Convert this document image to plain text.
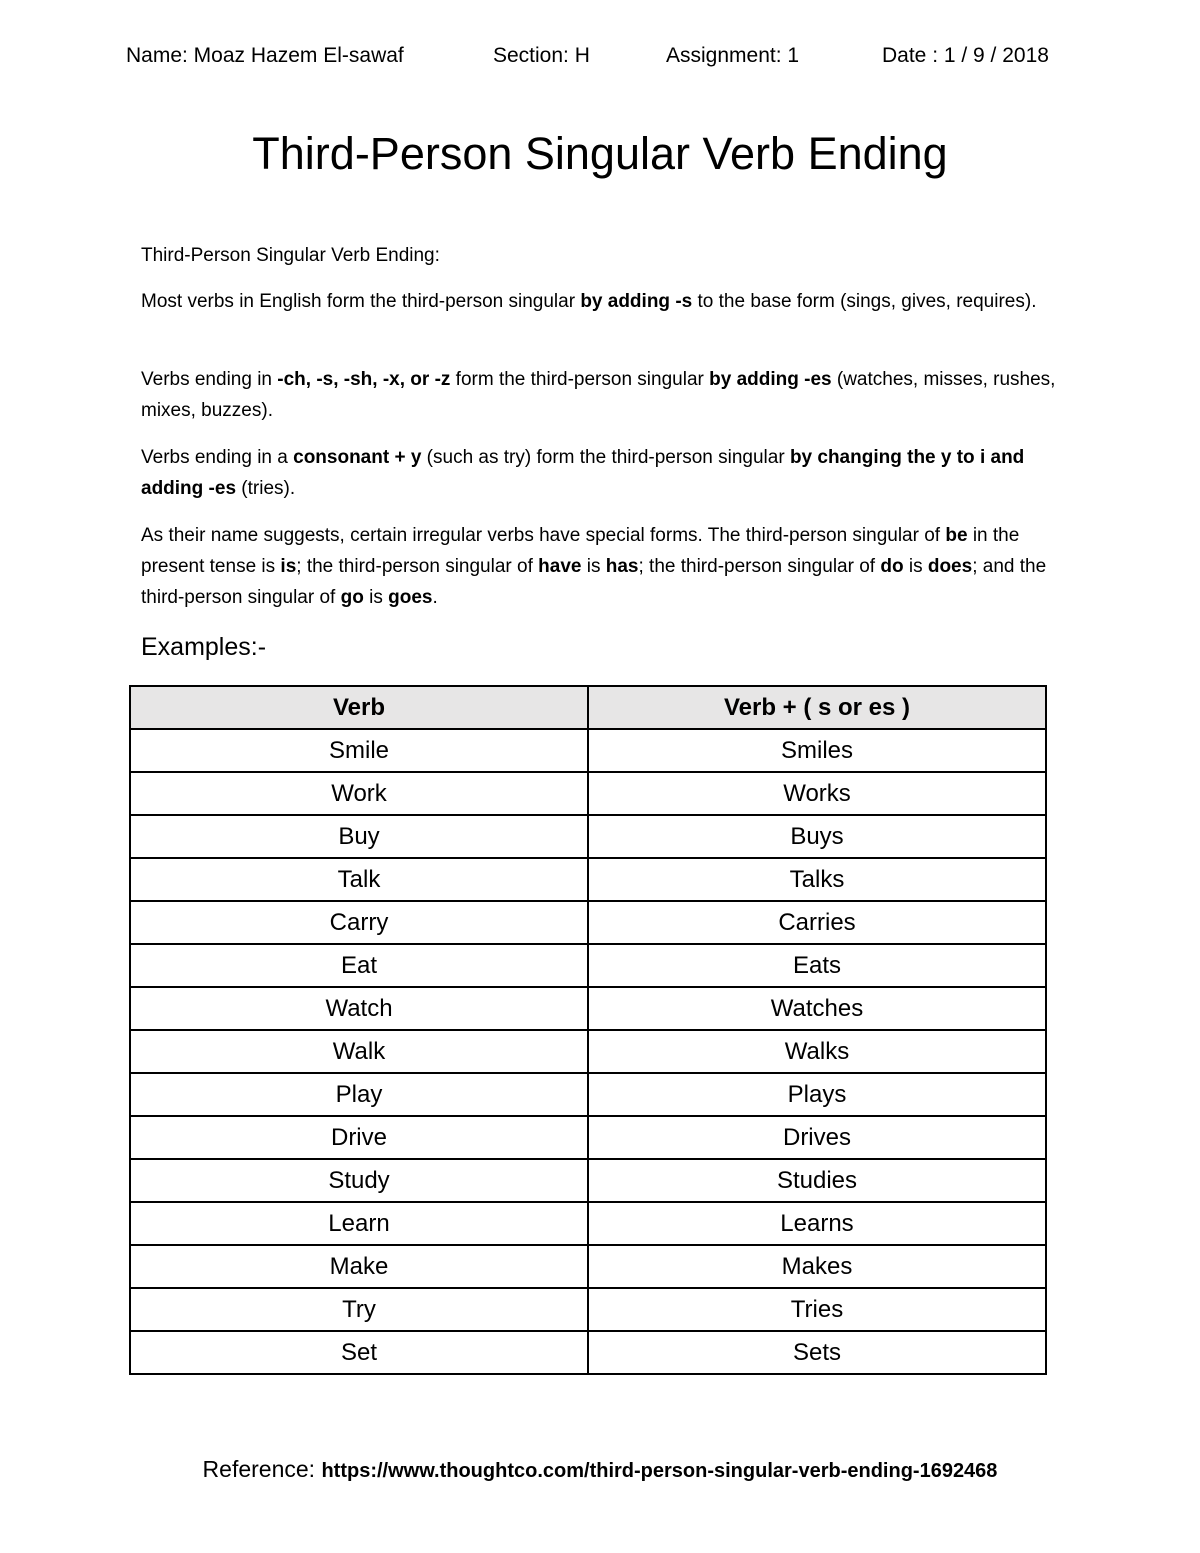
Name: Moaz Hazem El-sawaf	Section: H	Assignment: 1	Date : 1 / 9 / 2018
Third-Person Singular Verb Ending
Third-Person Singular Verb Ending:
Most verbs in English form the third-person singular by adding -s to the base form (sings, gives, requires).
Verbs ending in -ch, -s, -sh, -x, or -z form the third-person singular by adding -es (watches, misses, rushes, mixes, buzzes).
Verbs ending in a consonant + y (such as try) form the third-person singular by changing the y to i and adding -es (tries).
As their name suggests, certain irregular verbs have special forms. The third-person singular of be in the present tense is is; the third-person singular of have is has; the third-person singular of do is does; and the third-person singular of go is goes.
Examples:-
Verb	Verb + ( s or es )
Smile	Smiles
Work	Works
Buy	Buys
Talk	Talks
Carry	Carries
Eat	Eats
Watch	Watches
Walk	Walks
Play	Plays
Drive	Drives
Study	Studies
Learn	Learns
Make	Makes
Try	Tries
Set	Sets
Reference: https://www.thoughtco.com/third-person-singular-verb-ending-1692468
